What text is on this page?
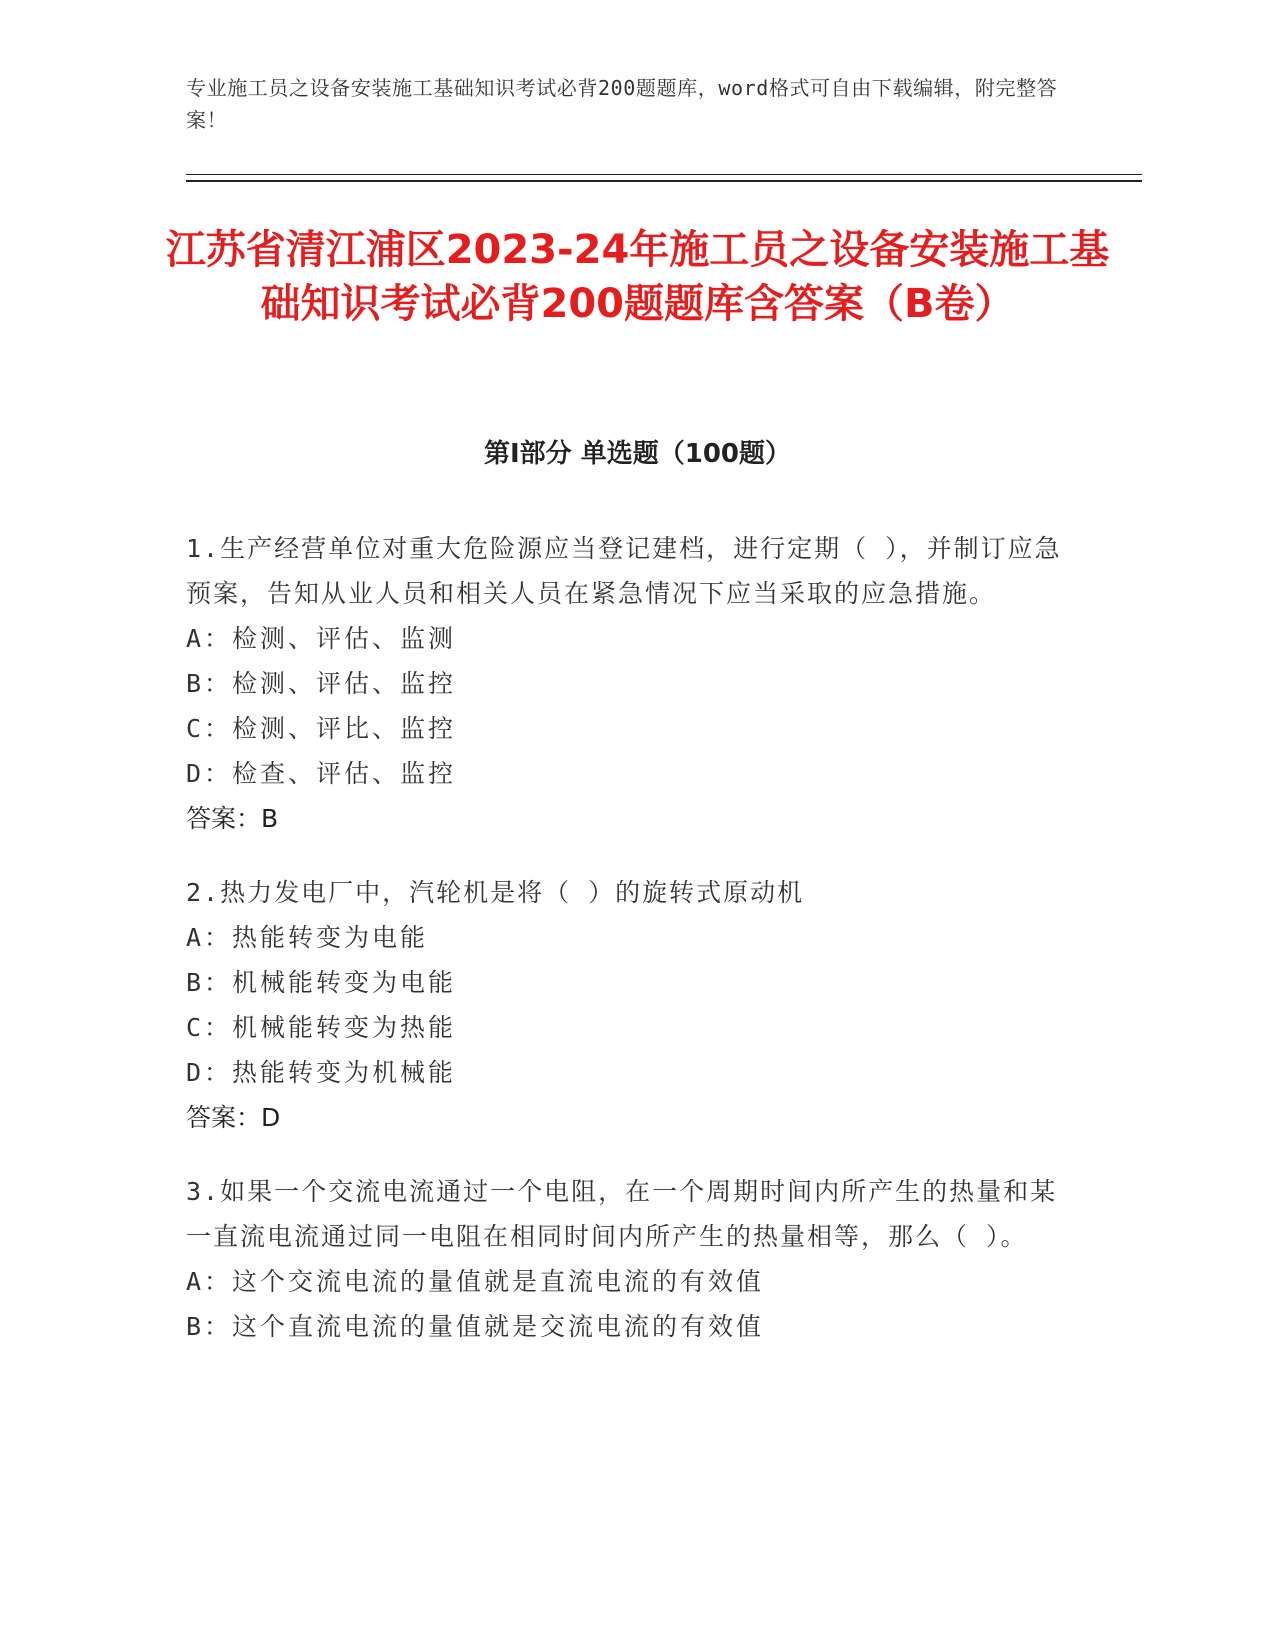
专业施工员之设备安装施工基础知识考试必背200题题库，word格式可自由下载编辑，附完整答案！
江苏省清江浦区2023-24年施工员之设备安装施工基础知识考试必背200题题库含答案（B卷）
第Ⅰ部分 单选题（100题）
1.生产经营单位对重大危险源应当登记建档，进行定期（ ），并制订应急预案，告知从业人员和相关人员在紧急情况下应当采取的应急措施。
A：检测、评估、监测
B：检测、评估、监控
C：检测、评比、监控
D：检查、评估、监控
答案：B
2.热力发电厂中，汽轮机是将（ ）的旋转式原动机
A：热能转变为电能
B：机械能转变为电能
C：机械能转变为热能
D：热能转变为机械能
答案：D
3.如果一个交流电流通过一个电阻，在一个周期时间内所产生的热量和某一直流电流通过同一电阻在相同时间内所产生的热量相等，那么（ ）。
A：这个交流电流的量值就是直流电流的有效值
B：这个直流电流的量值就是交流电流的有效值
